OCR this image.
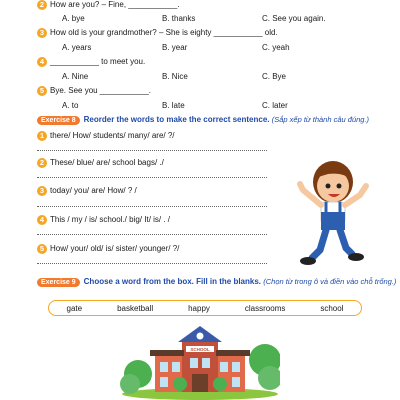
2 How are you? – Fine, ___________.
A. bye	B. thanks	C. See you again.
3 How old is your grandmother? – She is eighty ___________ old.
A. years	B. year	C. yeah
4 ___________ to meet you.
A. Nine	B. Nice	C. Bye
5 Bye. See you ___________.
A. to	B. late	C. later
Exercise 8 Reorder the words to make the correct sentence. (Sắp xếp từ thành câu đúng.)
1 there/ How/ students/ many/ are/ ?/
2 These/ blue/ are/ school bags/ ./
3 today/ you/ are/ How/ ? /
4 This / my / is/ school./ big/ It/ is/ . /
5 How/ your/ old/ is/ sister/ younger/ ?/
Exercise 9 Choose a word from the box. Fill in the blanks. (Chọn từ trong ô và điền vào chỗ trống.)
gate	basketball	happy	classrooms	school
SCHOOL
